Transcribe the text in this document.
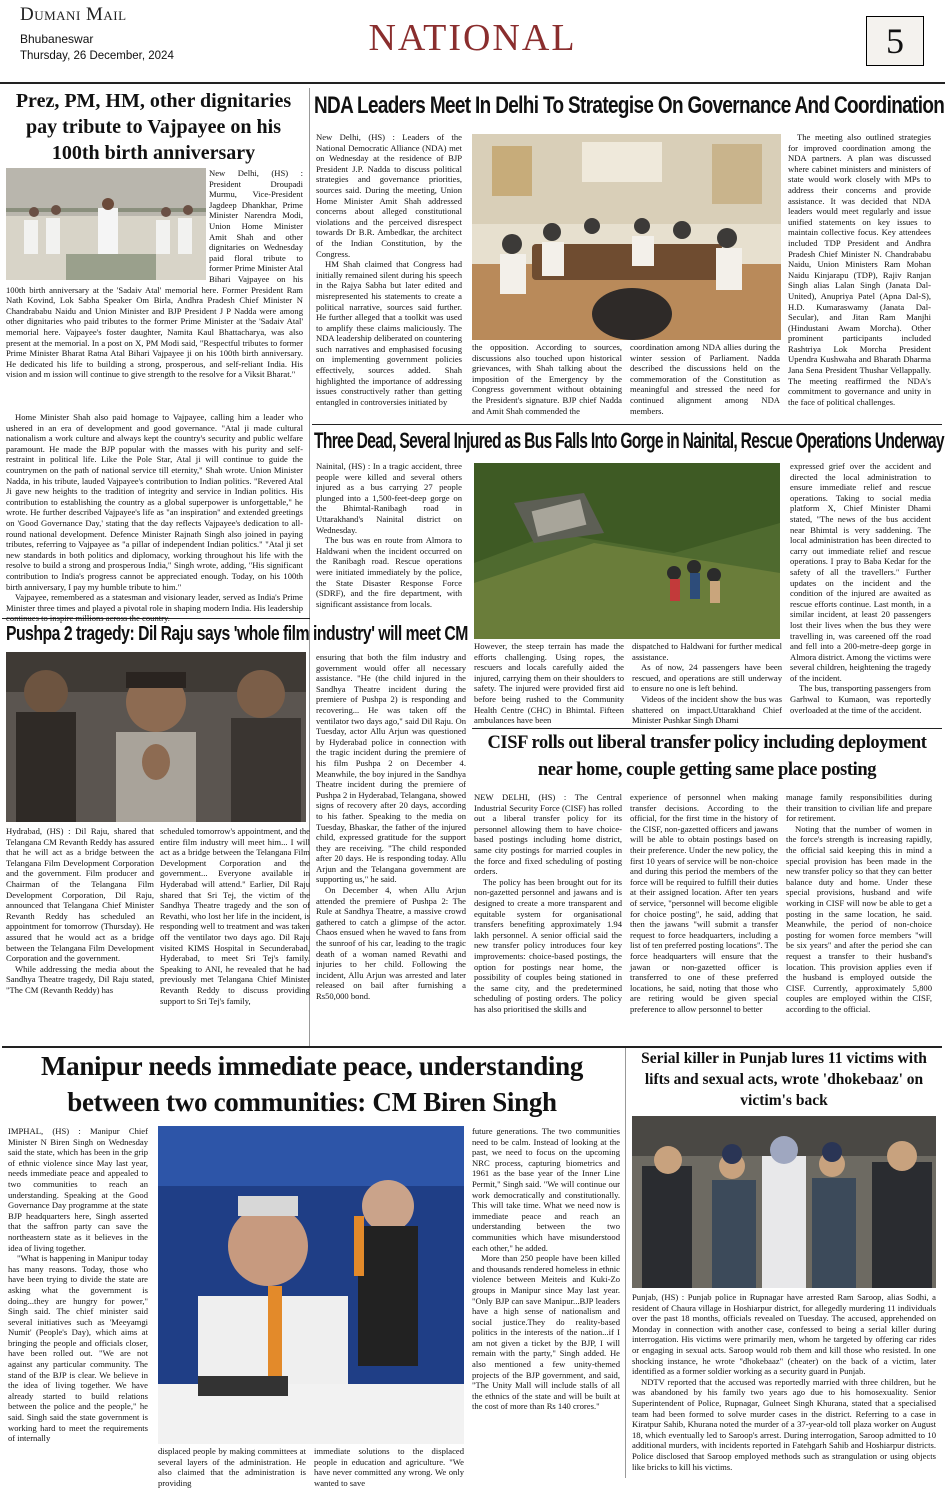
Dumani Mail
Bhubaneswar
Thursday, 26 December, 2024	NATIONAL	5
Prez, PM, HM, other dignitaries pay tribute to Vajpayee on his 100th birth anniversary

New Delhi, (HS) : President Droupadi Murmu, Vice-President Jagdeep Dhankhar, Prime Minister Narendra Modi, Union Home Minister Amit Shah and other dignitaries on Wednesday paid floral tribute to former Prime Minister Atal Bihari Vajpayee on his 100th birth anniversary at the 'Sadaiv Atal' memorial here. Former President Ram Nath Kovind, Lok Sabha Speaker Om Birla, Andhra Pradesh Chief Minister N Chandrababu Naidu and Union Minister and BJP President J P Nadda were among other dignitaries who paid tributes to the former Prime Minister at the 'Sadaiv Atal' memorial here. Vajpayee's foster daughter, Namita Kaul Bhattacharya, was also present at the memorial. In a post on X, PM Modi said, "Respectful tributes to former Prime Minister Bharat Ratna Atal Bihari Vajpayee ji on his 100th birth anniversary. He dedicated his life to building a strong, prosperous, and self-reliant India. His vision and m ission will continue to give strength to the resolve for a Viksit Bharat."

Home Minister Shah also paid homage to Vajpayee, calling him a leader who ushered in an era of development and good governance. "Atal ji made cultural nationalism a work culture and always kept the country's security and public welfare paramount. He made the BJP popular with the masses with his purity and self-restraint in political life. Like the Pole Star, Atal ji will continue to guide the countrymen on the path of national service till eternity," Shah wrote. Union Minister Nadda, in his tribute, lauded Vajpayee's contribution to Indian politics. "Revered Atal Ji gave new heights to the tradition of integrity and service in Indian politics. His contribution to establishing the country as a global superpower is unforgettable," he wrote. He further described Vajpayee's life as "an inspiration" and extended greetings on 'Good Governance Day,' stating that the day reflects Vajpayee's dedication to all-round national development. Defence Minister Rajnath Singh also joined in paying tributes, referring to Vajpayee as "a pillar of independent Indian politics." "Atal ji set new standards in both politics and diplomacy, working throughout his life with the resolve to build a strong and prosperous India," Singh wrote, adding, "His significant contribution to India's progress cannot be appreciated enough. Today, on his 100th birth anniversary, I pay my humble tribute to him."

Vajpayee, remembered as a statesman and visionary leader, served as India's Prime Minister three times and played a pivotal role in shaping modern India. His leadership

NDA Leaders Meet In Delhi To Strategise On Governance And Coordination

New Delhi, (HS) : Leaders of the National Democratic Alliance (NDA) met on Wednesday at the residence of BJP President J.P. Nadda to discuss political strategies and governance priorities, sources said. During the meeting, Union Home Minister Amit Shah addressed concerns about alleged constitutional violations and the perceived disrespect towards Dr B.R. Ambedkar, the architect of the Indian Constitution, by the Congress.

HM Shah claimed that Congress had initially remained silent during his speech in the Rajya Sabha but later edited and misrepresented his statements to create a political narrative, sources said further. He further alleged that a toolkit was used to amplify these claims maliciously. The NDA leadership deliberated on countering such narratives and emphasised focusing on implementing government policies effectively, sources added. Shah highlighted the importance of addressing issues constructively rather than getting entangled in controversies initiated by

the opposition. According to sources, discussions also touched upon historical grievances, with Shah talking about the imposition of the Emergency by the Congress government without obtaining the President's signature. BJP chief Nadda and Amit Shah commended the

coordination among NDA allies during the winter session of Parliament. Nadda described the discussions held on the commemoration of the Constitution as meaningful and stressed the need for continued alignment among NDA members.

The meeting also outlined strategies for improved coordination among the NDA partners. A plan was discussed where cabinet ministers and ministers of state would work closely with MPs to address their concerns and provide assistance. It was decided that NDA leaders would meet regularly and issue unified statements on key issues to maintain collective focus. Key attendees included TDP President and Andhra Pradesh Chief Minister N. Chandrababu Naidu, Union Ministers Ram Mohan Naidu Kinjarapu (TDP), Rajiv Ranjan Singh alias Lalan Singh (Janata Dal-United), Anupriya Patel (Apna Dal-S), H.D. Kumaraswamy (Janata Dal-Secular), and Jitan Ram Manjhi (Hindustani Awam Morcha). Other prominent participants included Rashtriya Lok Morcha President Upendra Kushwaha and Bharath Dharma Jana Sena President Thushar Vellappally. The meeting reaffirmed the NDA's commitment to governance and unity in the face of political challenges.

Three Dead, Several Injured as Bus Falls Into Gorge in Nainital, Rescue Operations Underway

Nainital, (HS) : In a tragic accident, three people were killed and several others injured as a bus carrying 27 people plunged into a 1,500-feet-deep gorge on the Bhimtal-Ranibagh road in Uttarakhand's Nainital district on Wednesday.

The bus was en route from Almora to Haldwani when the incident occurred on the Ranibagh road. Rescue operations were initiated immediately by the police, the State Disaster Response Force (SDRF), and the fire department, with significant assistance from locals.

However, the steep terrain has made the efforts challenging. Using ropes, the rescuers and locals carefully aided the injured, carrying them on their shoulders to safety. The injured were provided first aid before being rushed to the Community Health Centre (CHC) in Bhimtal. Fifteen ambulances have been

dispatched to Haldwani for further medical assistance.

As of now, 24 passengers have been rescued, and operations are still underway to ensure no one is left behind.

Videos of the incident show the bus was shattered on impact.Uttarakhand Chief Minister Pushkar Singh Dhami

expressed grief over the accident and directed the local administration to ensure immediate relief and rescue operations. Taking to social media platform X, Chief Minister Dhami stated, "The news of the bus accident near Bhimtal is very saddening. The local administration has been directed to carry out immediate relief and rescue operations. I pray to Baba Kedar for the safety of all the travellers." Further updates on the incident and the condition of the injured are awaited as rescue efforts continue. Last month, in a similar incident, at least 20 passengers lost their lives when the bus they were travelling in, was careened off the road and fell into a 200-metre-deep gorge in Almora district. Among the victims were several children, heightening the tragedy of the incident.

The bus, transporting passengers from Garhwal to Kumaon, was reportedly overloaded at the time of the accident.

Pushpa 2 tragedy: Dil Raju says 'whole film industry' will meet CM

Hydrabad, (HS) : Dil Raju, shared that Telangana CM Revanth Reddy has assured that he will act as a bridge between the Telangana Film Development Corporation and the government. Film producer and Chairman of the Telangana Film Development Corporation, Dil Raju, announced that Telangana Chief Minister Revanth Reddy has scheduled an appointment for tomorrow (Thursday). He assured that he would act as a bridge between the Telangana Film Development Corporation and the government.

While addressing the media about the Sandhya Theatre tragedy, Dil Raju stated, "The CM (Revanth Reddy) has

scheduled tomorrow's appointment, and the entire film industry will meet him... I will act as a bridge between the Telangana Film Development Corporation and the government... Everyone available in Hyderabad will attend." Earlier, Dil Raju shared that Sri Tej, the victim of the Sandhya Theatre tragedy and the son of Revathi, who lost her life in the incident, is responding well to treatment and was taken off the ventilator two days ago. Dil Raju visited KIMS Hospital in Secunderabad, Hyderabad, to meet Sri Tej's family. Speaking to ANI, he revealed that he had previously met Telangana Chief Minister Revanth Reddy to discuss providing support to Sri Tej's family,

ensuring that both the film industry and government would offer all necessary assistance. "He (the child injured in the Sandhya Theatre incident during the premiere of Pushpa 2) is responding and recovering... He was taken off the ventilator two days ago," said Dil Raju. On Tuesday, actor Allu Arjun was questioned by Hyderabad police in connection with the tragic incident during the premiere of his film Pushpa 2 on December 4. Meanwhile, the boy injured in the Sandhya Theatre incident during the premiere of Pushpa 2 in Hyderabad, Telangana, showed signs of recovery after 20 days, according to his father. Speaking to the media on Tuesday, Bhaskar, the father of the injured child, expressed gratitude for the support they are receiving. "The child responded after 20 days. He is responding today. Allu Arjun and the Telangana government are supporting us," he said.

On December 4, when Allu Arjun attended the premiere of Pushpa 2: The Rule at Sandhya Theatre, a massive crowd gathered to catch a glimpse of the actor. Chaos ensued when he waved to fans from the sunroof of his car, leading to the tragic death of a woman named Revathi and injuries to her child. Following the incident, Allu Arjun was arrested and later released on bail after furnishing a Rs50,000 bond.

CISF rolls out liberal transfer policy including deployment near home, couple getting same place posting

NEW DELHI, (HS) : The Central Industrial Security Force (CISF) has rolled out a liberal transfer policy for its personnel allowing them to have choice-based postings including home district, same city postings for married couples in the force and fixed scheduling of posting orders.

The policy has been brought out for its non-gazetted personnel and jawans and is designed to create a more transparent and equitable system for organisational transfers benefiting approximately 1.94 lakh personnel. A senior official said the new transfer policy introduces four key improvements: choice-based postings, the option for postings near home, the possibility of couples being stationed in the same city, and the predetermined scheduling of posting orders. The policy has also prioritised the skills and

experience of personnel when making transfer decisions. According to the official, for the first time in the history of the CISF, non-gazetted officers and jawans will be able to obtain postings based on their preference. Under the new policy, the first 10 years of service will be non-choice and during this period the members of the force will be required to fulfill their duties at their assigned location. After ten years of service, "personnel will become eligible for choice posting", he said, adding that then the jawans "will submit a transfer request to force headquarters, including a list of ten preferred posting locations". The force headquarters will ensure that the jawan or non-gazetted officer is transferred to one of these preferred locations, he said, noting that those who are retiring would be given special preference to allow personnel to better

manage family responsibilities during their transition to civilian life and prepare for retirement.

Noting that the number of women in the force's strength is increasing rapidly, the official said keeping this in mind a special provision has been made in the new transfer policy so that they can better balance duty and home. Under these special provisions, husband and wife working in CISF will now be able to get a posting in the same location, he said. Meanwhile, the period of non-choice posting for women force members "will be six years" and after the period she can request a transfer to their husband's location. This provision applies even if the husband is employed outside the CISF. Currently, approximately 5,800 couples are employed within the CISF, according to the official.

Manipur needs immediate peace, understanding between two communities: CM Biren Singh

IMPHAL, (HS) : Manipur Chief Minister N Biren Singh on Wednesday said the state, which has been in the grip of ethnic violence since May last year, needs immediate peace and appealed to two communities to reach an understanding. Speaking at the Good Governance Day programme at the state BJP headquarters here, Singh asserted that the saffron party can save the northeastern state as it believes in the idea of living together.

"What is happening in Manipur today has many reasons. Today, those who have been trying to divide the state are asking what the government is doing...they are hungry for power," Singh said. The chief minister said several initiatives such as 'Meeyamgi Numit' (People's Day), which aims at bringing the people and officials closer, have been rolled out. "We are not against any particular community. The stand of the BJP is clear. We believe in the idea of living together. We have already started to build relations between the police and the people," he said. Singh said the state government is working hard to meet the requirements of internally

displaced people by making committees at several layers of the administration. He also claimed that the administration is providing

immediate solutions to the displaced people in education and agriculture. "We have never committed any wrong. We only wanted to save

future generations. The two communities need to be calm. Instead of looking at the past, we need to focus on the upcoming NRC process, capturing biometrics and 1961 as the base year of the Inner Line Permit," Singh said. "We will continue our work democratically and constitutionally. This will take time. What we need now is immediate peace and reach an understanding between the two communities which have misunderstood each other," he added.

More than 250 people have been killed and thousands rendered homeless in ethnic violence between Meiteis and Kuki-Zo groups in Manipur since May last year. "Only BJP can save Manipur...BJP leaders have a high sense of nationalism and social justice.They do reality-based politics in the interests of the nation...if I am not given a ticket by the BJP, I will remain with the party," Singh added. He also mentioned a few unity-themed projects of the BJP government, and said, "The Unity Mall will include stalls of all the ethnics of the state and will be built at the cost of more than Rs 140 crores."

Serial killer in Punjab lures 11 victims with lifts and sexual acts, wrote 'dhokebaaz' on victim's back

Punjab, (HS) : Punjab police in Rupnagar have arrested Ram Saroop, alias Sodhi, a resident of Chaura village in Hoshiarpur district, for allegedly murdering 11 individuals over the past 18 months, officials revealed on Tuesday. The accused, apprehended on Monday in connection with another case, confessed to being a serial killer during interrogation. His victims were primarily men, whom he targeted by offering car rides or engaging in sexual acts. Saroop would rob them and kill those who resisted. In one shocking instance, he wrote "dhokebaaz" (cheater) on the back of a victim, later identified as a former soldier working as a security guard in Punjab.

NDTV reported that the accused was reportedly married with three children, but he was abandoned by his family two years ago due to his homosexuality. Senior Superintendent of Police, Rupnagar, Gulneet Singh Khurana, stated that a specialised team had been formed to solve murder cases in the district. Referring to a case in Kiratpur Sahib, Khurana noted the murder of a 37-year-old toll plaza worker on August 18, which eventually led to Saroop's arrest. During interrogation, Saroop admitted to 10 additional murders, with incidents reported in Fatehgarh Sahib and Hoshiarpur districts. Police disclosed that Saroop employed methods such as strangulation or using objects like bricks to kill his victims.
